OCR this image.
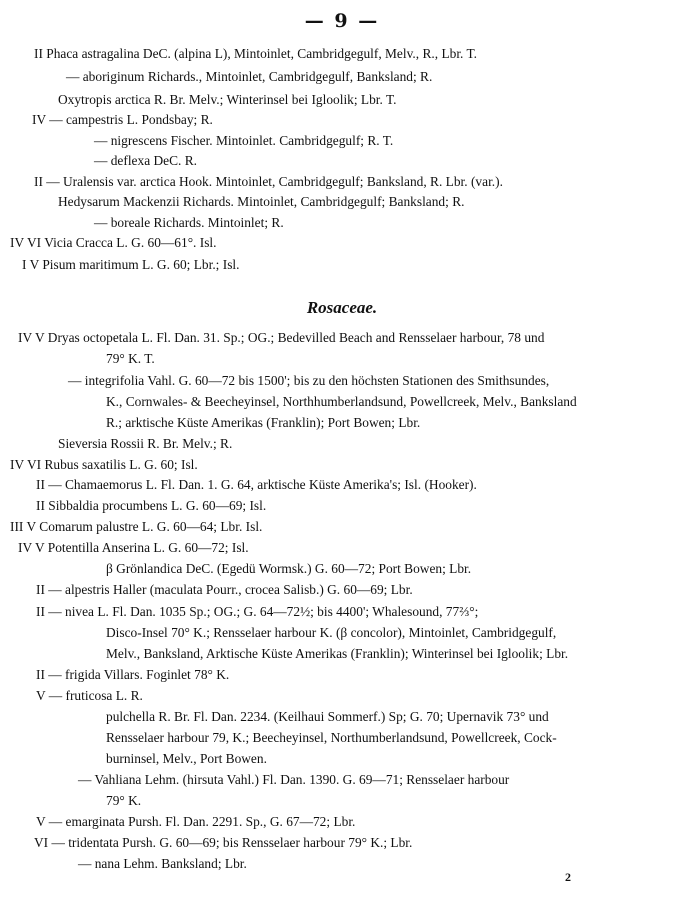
— 9 —
II Phaca astragalina DeC. (alpina L), Mintoinlet, Cambridgegulf, Melv., R., Lbr. T.
— aboriginum Richards., Mintoinlet, Cambridgegulf, Banksland; R.
Oxytropis arctica R. Br. Melv.; Winterinsel bei Igloolik; Lbr. T.
IV — campestris L. Pondsbay; R.
— nigrescens Fischer. Mintoinlet. Cambridgegulf; R. T.
— deflexa DeC. R.
II — Uralensis var. arctica Hook. Mintoinlet, Cambridgegulf; Banksland, R. Lbr. (var.).
Hedysarum Mackenzii Richards. Mintoinlet, Cambridgegulf; Banksland; R.
— boreale Richards. Mintoinlet; R.
IV VI Vicia Cracca L. G. 60—61°. Isl.
I V Pisum maritimum L. G. 60; Lbr.; Isl.
Rosaceae.
IV V Dryas octopetala L. Fl. Dan. 31. Sp.; OG.; Bedevilled Beach and Rensselaer harbour, 78 und
79° K. T.
— integrifolia Vahl. G. 60—72 bis 1500'; bis zu den höchsten Stationen des Smithsundes,
K., Cornwales- & Beecheyinsel, Northhumberlandsund, Powellcreek, Melv., Banksland
R.; arktische Küste Amerikas (Franklin); Port Bowen; Lbr.
Sieversia Rossii R. Br. Melv.; R.
IV VI Rubus saxatilis L. G. 60; Isl.
II — Chamaemorus L. Fl. Dan. 1. G. 64, arktische Küste Amerika's; Isl. (Hooker).
II Sibbaldia procumbens L. G. 60—69; Isl.
III V Comarum palustre L. G. 60—64; Lbr. Isl.
IV V Potentilla Anserina L. G. 60—72; Isl.
β Grönlandica DeC. (Egedü Wormsk.) G. 60—72; Port Bowen; Lbr.
II — alpestris Haller (maculata Pourr., crocea Salisb.) G. 60—69; Lbr.
II — nivea L. Fl. Dan. 1035 Sp.; OG.; G. 64—72½; bis 4400'; Whalesound, 77⅔°;
Disco-Insel 70° K.; Rensselaer harbour K. (β concolor), Mintoinlet, Cambridgegulf,
Melv., Banksland, Arktische Küste Amerikas (Franklin); Winterinsel bei Igloolik; Lbr.
II — frigida Villars. Foginlet 78° K.
V — fruticosa L. R.
pulchella R. Br. Fl. Dan. 2234. (Keilhaui Sommerf.) Sp; G. 70; Upernavik 73° und
Rensselaer harbour 79, K.; Beecheyinsel, Northumberlandsund, Powellcreek, Cock-
burninsel, Melv., Port Bowen.
— Vahliana Lehm. (hirsuta Vahl.) Fl. Dan. 1390. G. 69—71; Rensselaer harbour
79° K.
V — emarginata Pursh. Fl. Dan. 2291. Sp., G. 67—72; Lbr.
VI — tridentata Pursh. G. 60—69; bis Rensselaer harbour 79° K.; Lbr.
— nana Lehm. Banksland; Lbr.
2
